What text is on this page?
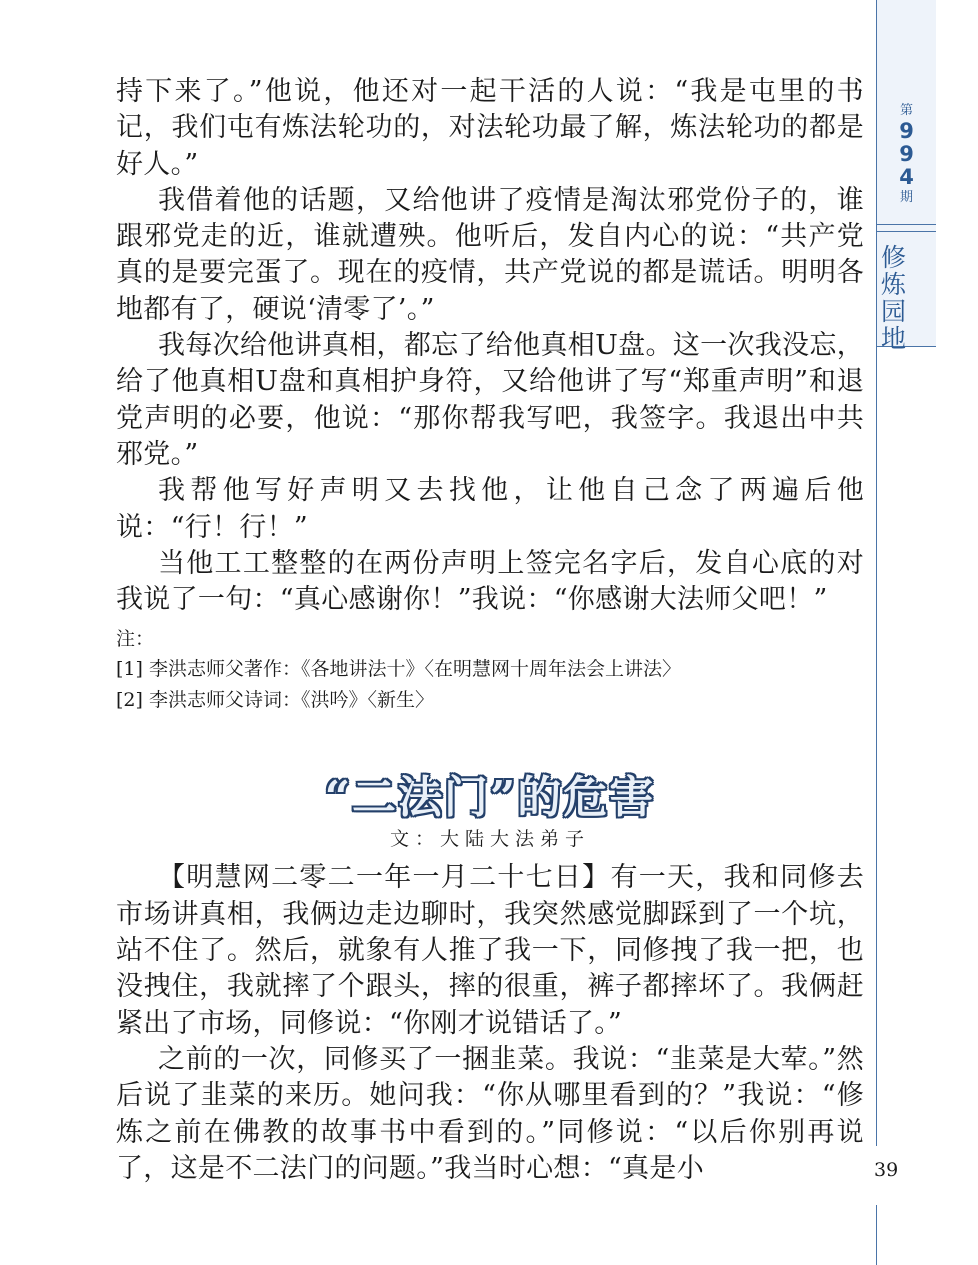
持下来了。”他说，他还对一起干活的人说：“我是屯里的书记，我们屯有炼法轮功的，对法轮功最了解，炼法轮功的都是好人。”

我借着他的话题，又给他讲了疫情是淘汰邪党份子的，谁跟邪党走的近，谁就遭殃。他听后，发自内心的说：“共产党真的是要完蛋了。现在的疫情，共产党说的都是谎话。明明各地都有了，硬说‘清零了’。”

我每次给他讲真相，都忘了给他真相U盘。这一次我没忘，给了他真相U盘和真相护身符，又给他讲了写“郑重声明”和退党声明的必要，他说：“那你帮我写吧，我签字。我退出中共邪党。”

我帮他写好声明又去找他，让他自己念了两遍后他说：“行！行！”

当他工工整整的在两份声明上签完名字后，发自心底的对我说了一句：“真心感谢你！”我说：“你感谢大法师父吧！”

注：

[1] 李洪志师父著作：《各地讲法十》〈在明慧网十周年法会上讲法〉

[2] 李洪志师父诗词：《洪吟》〈新生〉

“二法门”的危害

文：大陆大法弟子

【明慧网二零二一年一月二十七日】有一天，我和同修去市场讲真相，我俩边走边聊时，我突然感觉脚踩到了一个坑，站不住了。然后，就象有人推了我一下，同修拽了我一把，也没拽住，我就摔了个跟头，摔的很重，裤子都摔坏了。我俩赶紧出了市场，同修说：“你刚才说错话了。”

之前的一次，同修买了一捆韭菜。我说：“韭菜是大荤。”然后说了韭菜的来历。她问我：“你从哪里看到的？”我说：“修炼之前在佛教的故事书中看到的。”同修说：“以后你别再说了，这是不二法门的问题。”我当时心想：“真是小

第
9
9
4
期
修
炼
园
地
39
